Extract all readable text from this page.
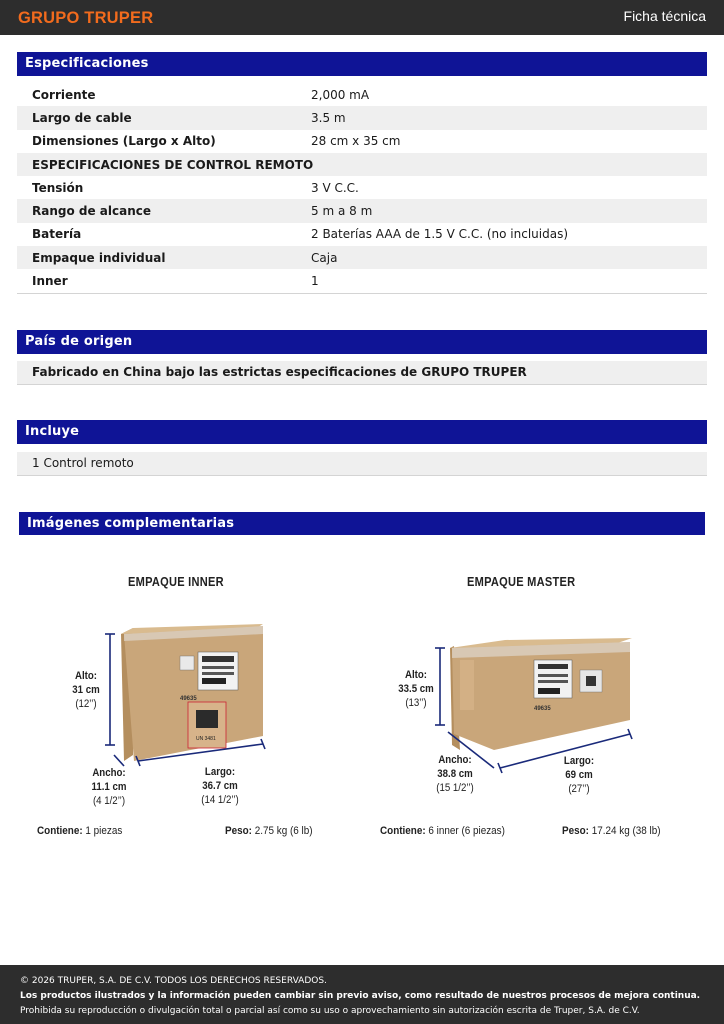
GRUPO TRUPER	Ficha técnica
Especificaciones
Corriente	2,000 mA
Largo de cable	3.5 m
Dimensiones (Largo x Alto)	28 cm x 35 cm
ESPECIFICACIONES DE CONTROL REMOTO
Tensión	3 V C.C.
Rango de alcance	5 m a 8 m
Batería	2 Baterías AAA de 1.5 V C.C. (no incluidas)
Empaque individual	Caja
Inner	1
País de origen
Fabricado en China bajo las estrictas especificaciones de GRUPO TRUPER
Incluye
1 Control remoto
Imágenes complementarias
EMPAQUE INNER
49635
UN 3481
Alto:
31 cm
(12’’)
Ancho:
11.1 cm
(4 1/2’’)
Largo:
36.7 cm
(14 1/2’’)
Contiene: 1 piezas	Peso: 2.75 kg (6 lb)
EMPAQUE MASTER
49635
Alto:
33.5 cm
(13’’)
Ancho:
38.8 cm
(15 1/2’’)
Largo:
69 cm
(27’’)
Contiene: 6 inner (6 piezas)	Peso: 17.24 kg (38 lb)
© 2026 TRUPER, S.A. DE C.V. TODOS LOS DERECHOS RESERVADOS.
Los productos ilustrados y la información pueden cambiar sin previo aviso, como resultado de nuestros procesos de mejora continua.
Prohibida su reproducción o divulgación total o parcial así como su uso o aprovechamiento sin autorización escrita de Truper, S.A. de C.V.
